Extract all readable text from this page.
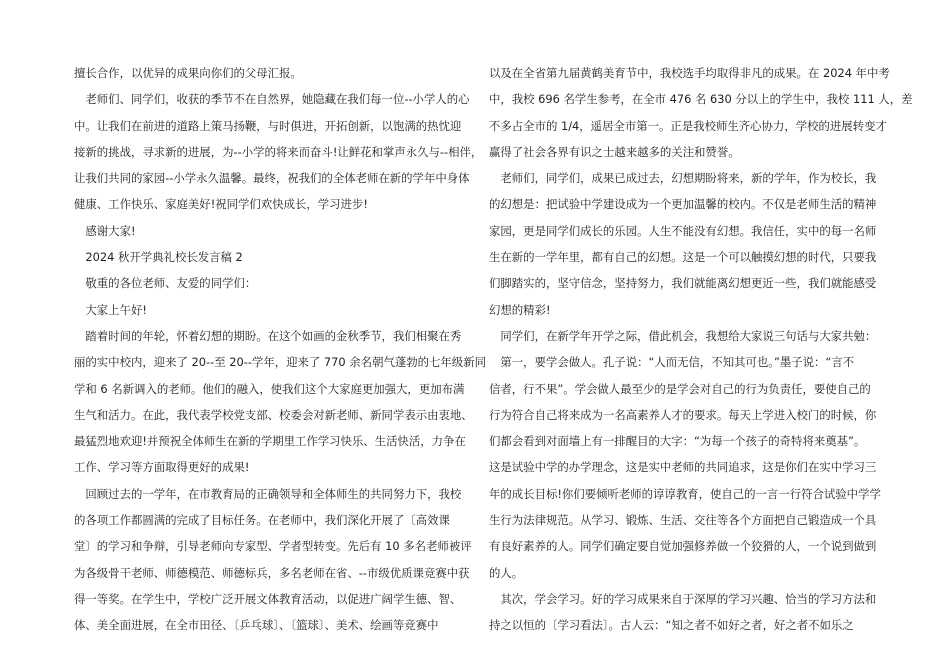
擅长合作，以优异的成果向你们的父母汇报。
　老师们、同学们，收获的季节不在自然界，她隐藏在我们每一位--小学人的心
中。让我们在前进的道路上策马扬鞭，与时俱进，开拓创新，以饱满的热忱迎
接新的挑战，寻求新的进展，为--小学的将来而奋斗!让鲜花和掌声永久与--相伴，
让我们共同的家园--小学永久温馨。最终，祝我们的全体老师在新的学年中身体
健康、工作快乐、家庭美好!祝同学们欢快成长，学习进步!
　感谢大家!
　2024 秋开学典礼校长发言稿 2
　敬重的各位老师、友爱的同学们：
　大家上午好!
　踏着时间的年轮，怀着幻想的期盼。在这个如画的金秋季节，我们相聚在秀
丽的实中校内，迎来了 20--至 20--学年，迎来了 770 余名朝气蓬勃的七年级新同
学和 6 名新调入的老师。他们的融入，使我们这个大家庭更加强大，更加布满
生气和活力。在此，我代表学校党支部、校委会对新老师、新同学表示由衷地、
最猛烈地欢迎!并预祝全体师生在新的学期里工作学习快乐、生活快活，力争在
工作、学习等方面取得更好的成果!
　回顾过去的一学年，在市教育局的正确领导和全体师生的共同努力下，我校
的各项工作都圆满的完成了目标任务。在老师中，我们深化开展了〔高效课
堂〕的学习和争辩，引导老师向专家型、学者型转变。先后有 10 多名老师被评
为各级骨干老师、师德模范、师德标兵，多名老师在省、--市级优质课竞赛中获
得一等奖。在学生中，学校广泛开展文体教育活动，以促进广阔学生德、智、
体、美全面进展，在全市田径、〔乒乓球〕、〔篮球〕、美术、绘画等竞赛中
以及在全省第九届黄鹤美育节中，我校选手均取得非凡的成果。在 2024 年中考
中，我校 696 名学生参考，在全市 476 名 630 分以上的学生中，我校 111 人，差
不多占全市的 1/4，遥居全市第一。正是我校师生齐心协力，学校的进展转变才
赢得了社会各界有识之士越来越多的关注和赞誉。
　老师们，同学们，成果已成过去，幻想期盼将来，新的学年，作为校长，我
的幻想是：把试验中学建设成为一个更加温馨的校内。不仅是老师生活的精神
家园，更是同学们成长的乐园。人生不能没有幻想。我信任，实中的每一名师
生在新的一学年里，都有自己的幻想。这是一个可以触摸幻想的时代，只要我
们脚踏实的，坚守信念，坚持努力，我们就能离幻想更近一些，我们就能感受
幻想的精彩!
　同学们，在新学年开学之际，借此机会，我想给大家说三句话与大家共勉：
　第一，要学会做人。孔子说：“人而无信，不知其可也。”墨子说：“言不
信者，行不果”。学会做人最至少的是学会对自己的行为负责任，要使自己的
行为符合自己将来成为一名高素养人才的要求。每天上学进入校门的时候，你
们都会看到对面墙上有一排醒目的大字：“为每一个孩子的奇特将来奠基”。
这是试验中学的办学理念，这是实中老师的共同追求，这是你们在实中学习三
年的成长目标!你们要倾听老师的谆谆教育，使自己的一言一行符合试验中学学
生行为法律规范。从学习、锻炼、生活、交往等各个方面把自己锻造成一个具
有良好素养的人。同学们确定要自觉加强修养做一个狡猾的人，一个说到做到
的人。
　其次，学会学习。好的学习成果来自于深厚的学习兴趣、恰当的学习方法和
持之以恒的〔学习看法〕。古人云：“知之者不如好之者，好之者不如乐之
